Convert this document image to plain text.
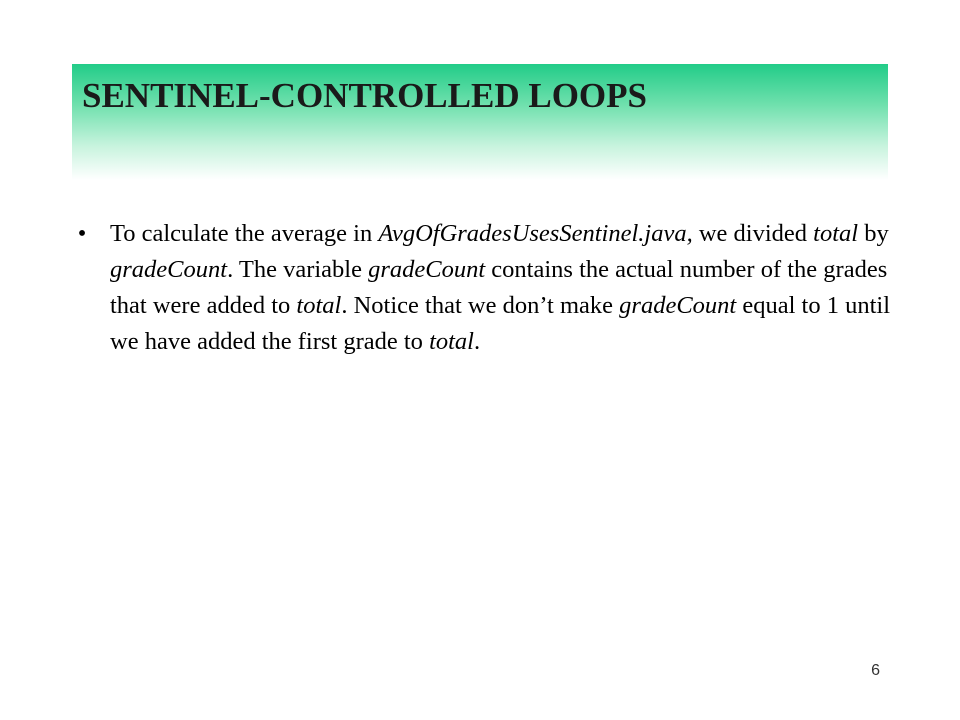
SENTINEL-CONTROLLED LOOPS
• To calculate the average in AvgOfGradesUsesSentinel.java, we divided total by gradeCount. The variable gradeCount contains the actual number of the grades that were added to total. Notice that we don’t make gradeCount equal to 1 until we have added the first grade to total.
6
